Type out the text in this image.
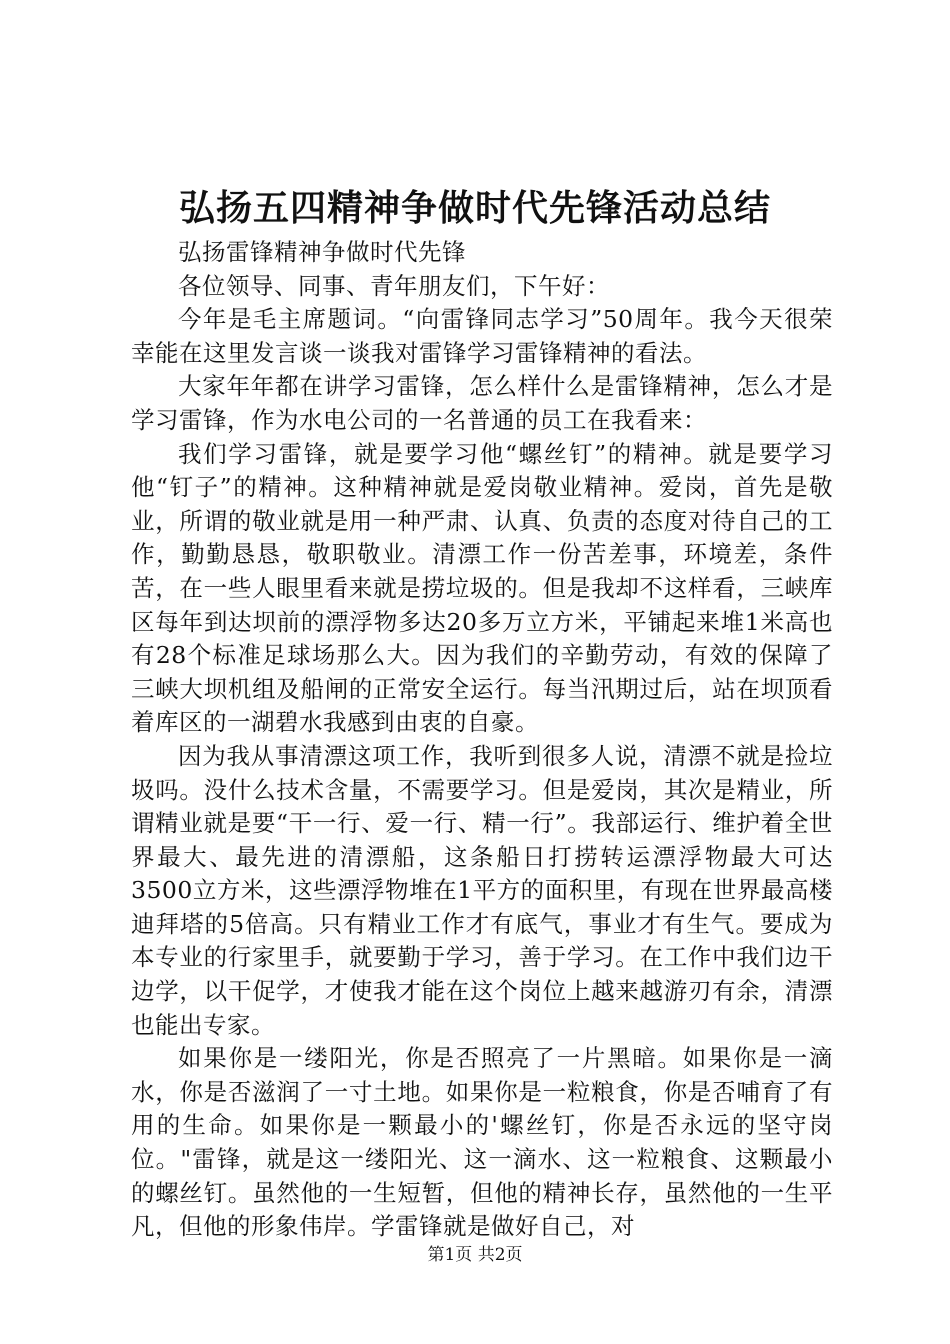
弘扬五四精神争做时代先锋活动总结

弘扬雷锋精神争做时代先锋

各位领导、同事、青年朋友们，下午好：

今年是毛主席题词。“向雷锋同志学习”50周年。我今天很荣幸能在这里发言谈一谈我对雷锋学习雷锋精神的看法。

大家年年都在讲学习雷锋，怎么样什么是雷锋精神，怎么才是学习雷锋，作为水电公司的一名普通的员工在我看来：

我们学习雷锋，就是要学习他“螺丝钉”的精神。就是要学习他“钉子”的精神。这种精神就是爱岗敬业精神。爱岗，首先是敬业，所谓的敬业就是用一种严肃、认真、负责的态度对待自己的工作，勤勤恳恳，敬职敬业。清漂工作一份苦差事，环境差，条件苦，在一些人眼里看来就是捞垃圾的。但是我却不这样看，三峡库区每年到达坝前的漂浮物多达20多万立方米，平铺起来堆1米高也有28个标准足球场那么大。因为我们的辛勤劳动，有效的保障了三峡大坝机组及船闸的正常安全运行。每当汛期过后，站在坝顶看着库区的一湖碧水我感到由衷的自豪。

因为我从事清漂这项工作，我听到很多人说，清漂不就是捡垃圾吗。没什么技术含量，不需要学习。但是爱岗，其次是精业，所谓精业就是要“干一行、爱一行、精一行”。我部运行、维护着全世界最大、最先进的清漂船，这条船日打捞转运漂浮物最大可达3500立方米，这些漂浮物堆在1平方的面积里，有现在世界最高楼迪拜塔的5倍高。只有精业工作才有底气，事业才有生气。要成为本专业的行家里手，就要勤于学习，善于学习。在工作中我们边干边学，以干促学，才使我才能在这个岗位上越来越游刃有余，清漂也能出专家。

如果你是一缕阳光，你是否照亮了一片黑暗。如果你是一滴水，你是否滋润了一寸土地。如果你是一粒粮食，你是否哺育了有用的生命。如果你是一颗最小的'螺丝钉，你是否永远的坚守岗位。"雷锋，就是这一缕阳光、这一滴水、这一粒粮食、这颗最小的螺丝钉。虽然他的一生短暂，但他的精神长存，虽然他的一生平凡，但他的形象伟岸。学雷锋就是做好自己，对

第1页 共2页
